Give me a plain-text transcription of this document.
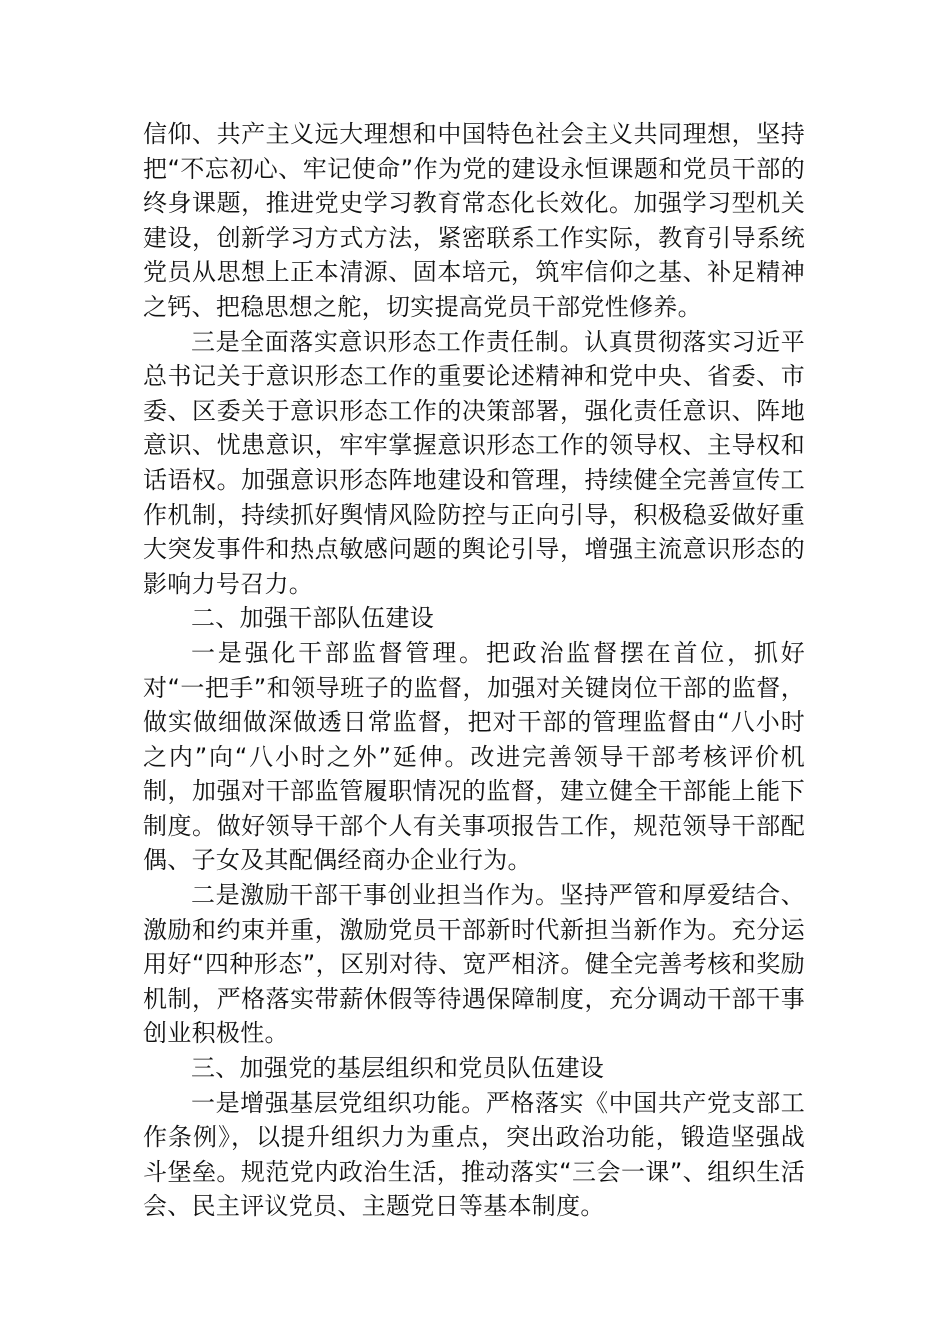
信仰、共产主义远大理想和中国特色社会主义共同理想，坚持把“不忘初心、牢记使命”作为党的建设永恒课题和党员干部的终身课题，推进党史学习教育常态化长效化。加强学习型机关建设，创新学习方式方法，紧密联系工作实际，教育引导系统党员从思想上正本清源、固本培元，筑牢信仰之基、补足精神之钙、把稳思想之舵，切实提高党员干部党性修养。

三是全面落实意识形态工作责任制。认真贯彻落实习近平总书记关于意识形态工作的重要论述精神和党中央、省委、市委、区委关于意识形态工作的决策部署，强化责任意识、阵地意识、忧患意识，牢牢掌握意识形态工作的领导权、主导权和话语权。加强意识形态阵地建设和管理，持续健全完善宣传工作机制，持续抓好舆情风险防控与正向引导，积极稳妥做好重大突发事件和热点敏感问题的舆论引导，增强主流意识形态的影响力号召力。

二、加强干部队伍建设

一是强化干部监督管理。把政治监督摆在首位，抓好对“一把手”和领导班子的监督，加强对关键岗位干部的监督，做实做细做深做透日常监督，把对干部的管理监督由“八小时之内”向“八小时之外”延伸。改进完善领导干部考核评价机制，加强对干部监管履职情况的监督，建立健全干部能上能下制度。做好领导干部个人有关事项报告工作，规范领导干部配偶、子女及其配偶经商办企业行为。

二是激励干部干事创业担当作为。坚持严管和厚爱结合、激励和约束并重，激励党员干部新时代新担当新作为。充分运用好“四种形态”，区别对待、宽严相济。健全完善考核和奖励机制，严格落实带薪休假等待遇保障制度，充分调动干部干事创业积极性。

三、加强党的基层组织和党员队伍建设

一是增强基层党组织功能。严格落实《中国共产党支部工作条例》，以提升组织力为重点，突出政治功能，锻造坚强战斗堡垒。规范党内政治生活，推动落实“三会一课”、组织生活会、民主评议党员、主题党日等基本制度。
